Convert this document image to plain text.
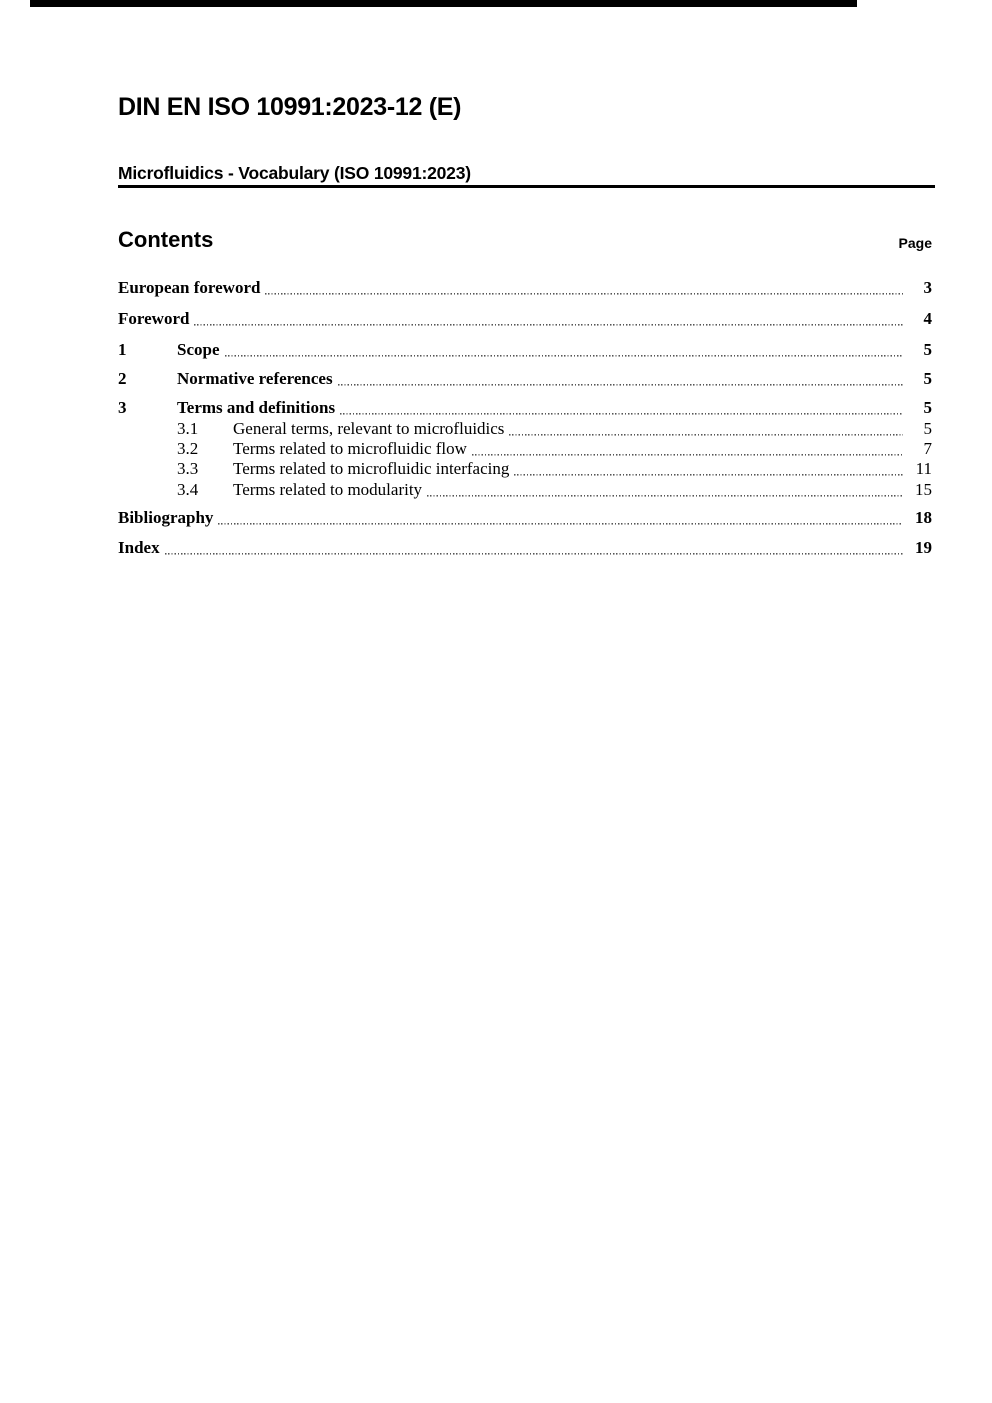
DIN EN ISO 10991:2023-12 (E)
Microfluidics - Vocabulary (ISO 10991:2023)
Contents	Page
European foreword	3
Foreword	4
1	Scope	5
2	Normative references	5
3	Terms and definitions	5
3.1	General terms, relevant to microfluidics	5
3.2	Terms related to microfluidic flow	7
3.3	Terms related to microfluidic interfacing	11
3.4	Terms related to modularity	15
Bibliography	18
Index	19
